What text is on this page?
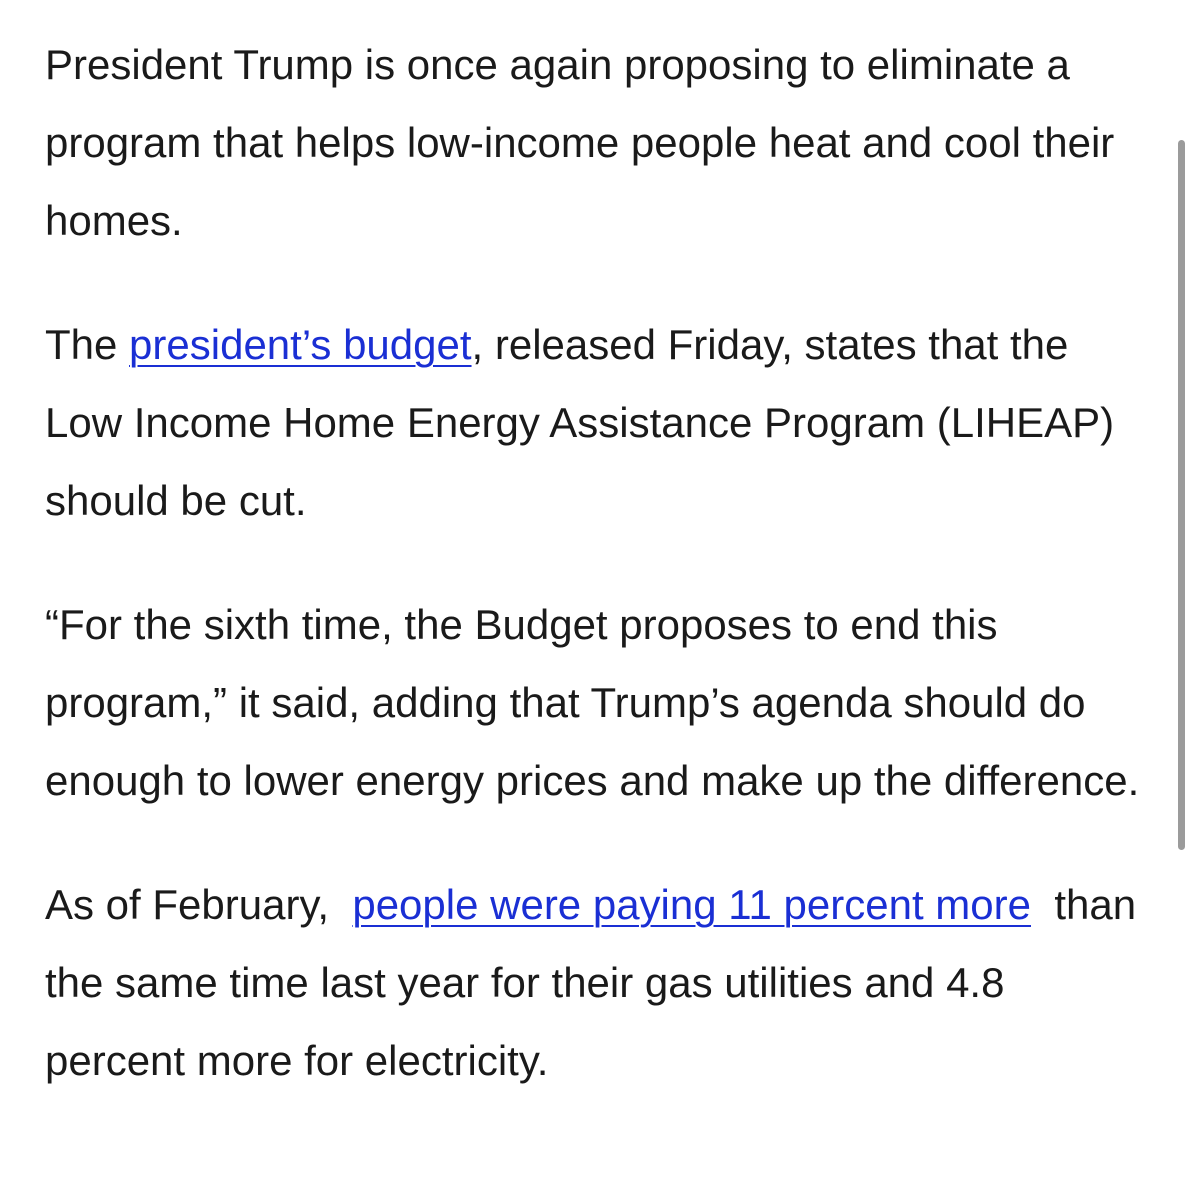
President Trump is once again proposing to eliminate a program that helps low-income people heat and cool their homes.

The president’s budget, released Friday, states that the Low Income Home Energy Assistance Program (LIHEAP) should be cut.

“For the sixth time, the Budget proposes to end this program,” it said, adding that Trump’s agenda should do enough to lower energy prices and make up the difference.

As of February,  people were paying 11 percent more  than the same time last year for their gas utilities and 4.8 percent more for electricity.
